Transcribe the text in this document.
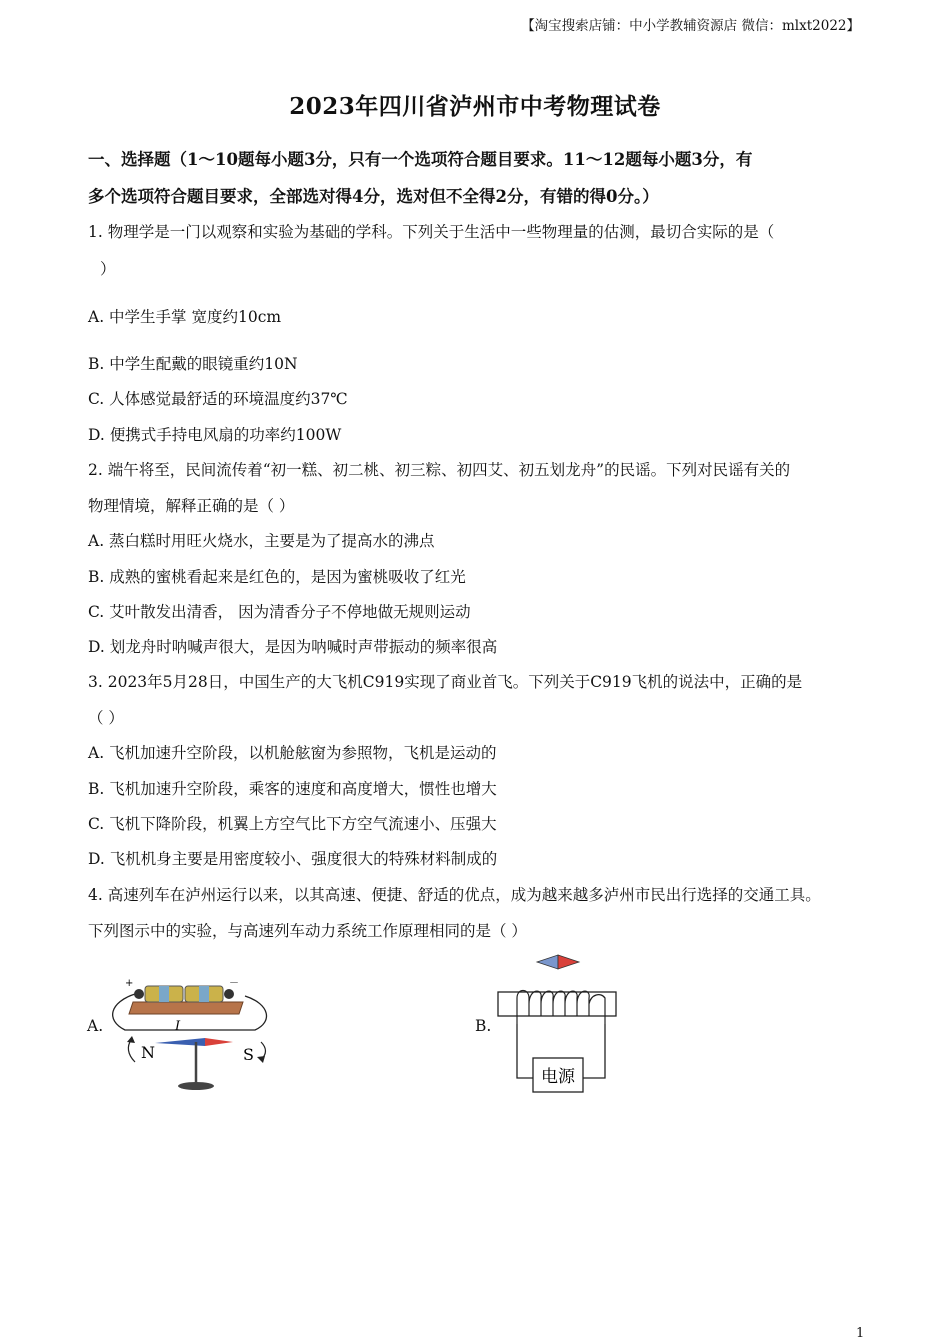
【淘宝搜索店铺：中小学教辅资源店 微信：mlxt2022】
2023年四川省泸州市中考物理试卷
一、选择题（1～10题每小题3分，只有一个选项符合题目要求。11～12题每小题3分，有
多个选项符合题目要求，全部选对得4分，选对但不全得2分，有错的得0分。）
1. 物理学是一门以观察和实验为基础的学科。下列关于生活中一些物理量的估测，最切合实际的是（
）
A. 中学生手掌 宽度约10cm
B. 中学生配戴的眼镜重约10N
C. 人体感觉最舒适的环境温度约37℃
D. 便携式手持电风扇的功率约100W
2. 端午将至，民间流传着“初一糕、初二桃、初三粽、初四艾、初五划龙舟”的民谣。下列对民谣有关的
物理情境，解释正确的是（ ）
A. 蒸白糕时用旺火烧水，主要是为了提高水的沸点
B. 成熟的蜜桃看起来是红色的，是因为蜜桃吸收了红光
C. 艾叶散发出清香， 因为清香分子不停地做无规则运动
D. 划龙舟时呐喊声很大，是因为呐喊时声带振动的频率很高
3. 2023年5月28日，中国生产的大飞机C919实现了商业首飞。下列关于C919飞机的说法中，正确的是
（ ）
A. 飞机加速升空阶段，以机舱舷窗为参照物，飞机是运动的
B. 飞机加速升空阶段，乘客的速度和高度增大，惯性也增大
C. 飞机下降阶段，机翼上方空气比下方空气流速小、压强大
D. 飞机机身主要是用密度较小、强度很大的特殊材料制成的
4. 高速列车在泸州运行以来，以其高速、便捷、舒适的优点，成为越来越多泸州市民出行选择的交通工具。
下列图示中的实验，与高速列车动力系统工作原理相同的是（ ）
A.
+	－
I
N	S
B.
电源
1
